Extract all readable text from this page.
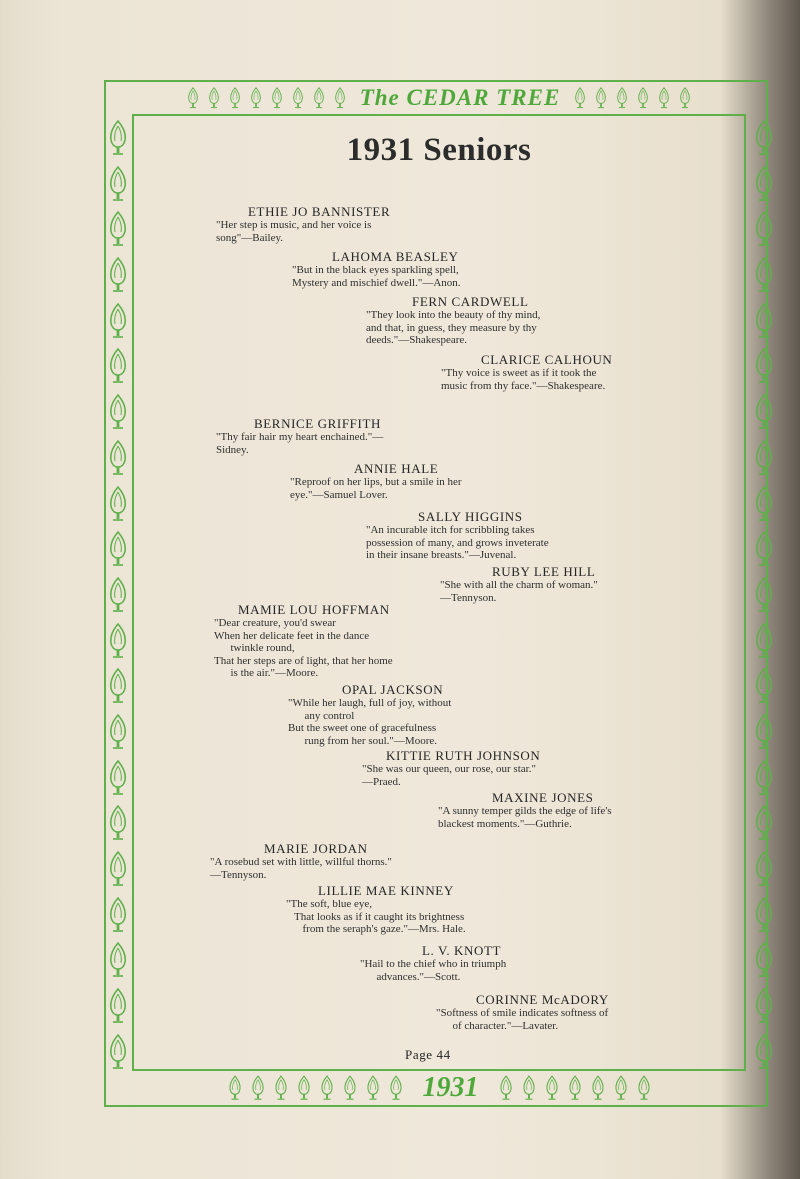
The CEDAR TREE
1931 Seniors
ETHIE JO BANNISTER
"Her step is music, and her voice is
song"—Bailey.
LAHOMA BEASLEY
"But in the black eyes sparkling spell,
Mystery and mischief dwell."—Anon.
FERN CARDWELL
"They look into the beauty of thy mind,
and that, in guess, they measure by thy
deeds."—Shakespeare.
CLARICE CALHOUN
"Thy voice is sweet as if it took the
music from thy face."—Shakespeare.
BERNICE GRIFFITH
"Thy fair hair my heart enchained."—
Sidney.
ANNIE HALE
"Reproof on her lips, but a smile in her
eye."—Samuel Lover.
SALLY HIGGINS
"An incurable itch for scribbling takes
possession of many, and grows inveterate
in their insane breasts."—Juvenal.
RUBY LEE HILL
"She with all the charm of woman."
—Tennyson.
MAMIE LOU HOFFMAN
"Dear creature, you'd swear
When her delicate feet in the dance
twinkle round,
That her steps are of light, that her home
is the air."—Moore.
OPAL JACKSON
"While her laugh, full of joy, without
any control
But the sweet one of gracefulness
rung from her soul."—Moore.
KITTIE RUTH JOHNSON
"She was our queen, our rose, our star."
—Praed.
MAXINE JONES
"A sunny temper gilds the edge of life's
blackest moments."—Guthrie.
MARIE JORDAN
"A rosebud set with little, willful thorns."
—Tennyson.
LILLIE MAE KINNEY
"The soft, blue eye,
That looks as if it caught its brightness
from the seraph's gaze."—Mrs. Hale.
L. V. KNOTT
"Hail to the chief who in triumph
advances."—Scott.
CORINNE McADORY
"Softness of smile indicates softness of
of character."—Lavater.
Page 44
1931
